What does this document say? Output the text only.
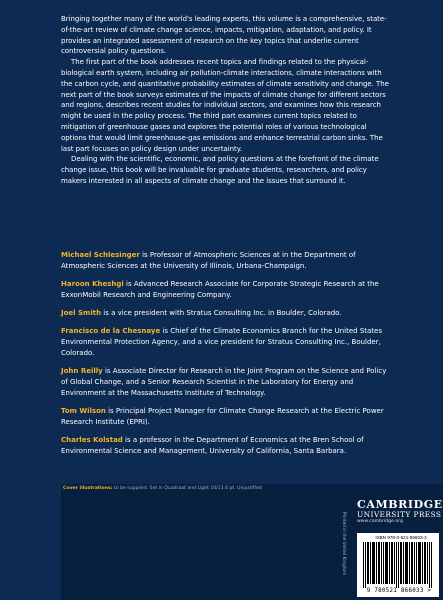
Bringing together many of the world's leading experts, this volume is a comprehensive, state-of-the-art review of climate change science, impacts, mitigation, adaptation, and policy. It provides an integrated assessment of research on the key topics that underlie current controversial policy questions.

The first part of the book addresses recent topics and findings related to the physical-biological earth system, including air pollution-climate interactions, climate interactions with the carbon cycle, and quantitative probability estimates of climate sensitivity and change. The next part of the book surveys estimates of the impacts of climate change for different sectors and regions, describes recent studies for individual sectors, and examines how this research might be used in the policy process. The third part examines current topics related to mitigation of greenhouse gases and explores the potential roles of various technological options that would limit greenhouse-gas emissions and enhance terrestrial carbon sinks. The last part focuses on policy design under uncertainty.

Dealing with the scientific, economic, and policy questions at the forefront of the climate change issue, this book will be invaluable for graduate students, researchers, and policy makers interested in all aspects of climate change and the issues that surround it.

Michael Schlesinger is Professor of Atmospheric Sciences at in the Department of Atmospheric Sciences at the University of Illinois, Urbana-Champaign.

Haroon Kheshgi is Advanced Research Associate for Corporate Strategic Research at the ExxonMobil Research and Engineering Company.

Joel Smith is a vice president with Stratus Consulting Inc. in Boulder, Colorado.

Francisco de la Chesnaye is Chief of the Climate Economics Branch for the United States Environmental Protection Agency, and a vice president for Stratus Consulting Inc., Boulder, Colorado.

John Reilly is Associate Director for Research in the Joint Program on the Science and Policy of Global Change, and a Senior Research Scientist in the Laboratory for Energy and Environment at the Massachusetts Institute of Technology.

Tom Wilson is Principal Project Manager for Climate Change Research at the Electric Power Research Institute (EPRI).

Charles Kolstad is a professor in the Department of Economics at the Bren School of Environmental Science and Management, University of California, Santa Barbara.

Cover illustrations: to be supplied. Set in Quadraat and Light 10/13.6 pt. Unjustified
Printed in the United Kingdom
CAMBRIDGE
UNIVERSITY PRESS
www.cambridge.org
ISBN 978-0-521-86603-3
9 780521 866033 >
